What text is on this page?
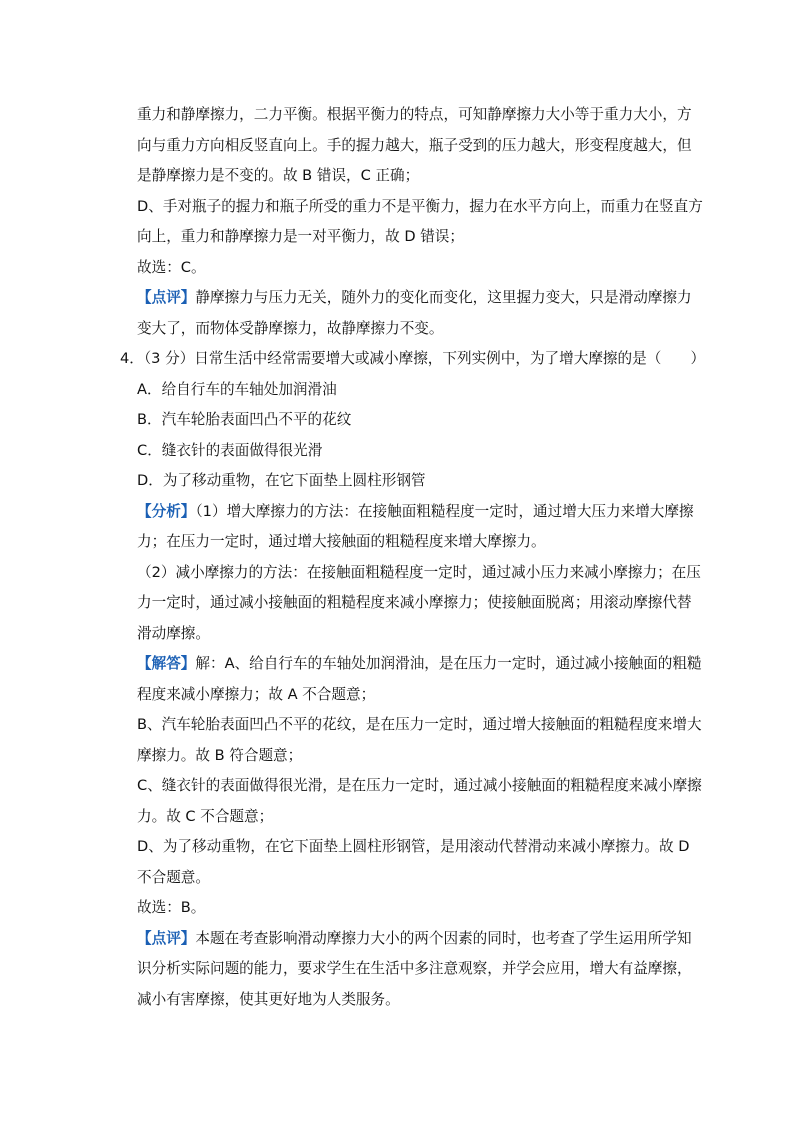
重力和静摩擦力，二力平衡。根据平衡力的特点，可知静摩擦力大小等于重力大小，方
向与重力方向相反竖直向上。手的握力越大，瓶子受到的压力越大，形变程度越大，但
是静摩擦力是不变的。故 B 错误，C 正确；
D、手对瓶子的握力和瓶子所受的重力不是平衡力，握力在水平方向上，而重力在竖直方
向上，重力和静摩擦力是一对平衡力，故 D 错误；
故选：C。
【点评】静摩擦力与压力无关，随外力的变化而变化，这里握力变大，只是滑动摩擦力
变大了，而物体受静摩擦力，故静摩擦力不变。
4．（3 分）日常生活中经常需要增大或减小摩擦，下列实例中，为了增大摩擦的是（　　）
A．给自行车的车轴处加润滑油
B．汽车轮胎表面凹凸不平的花纹
C．缝衣针的表面做得很光滑
D．为了移动重物，在它下面垫上圆柱形钢管
【分析】（1）增大摩擦力的方法：在接触面粗糙程度一定时，通过增大压力来增大摩擦
力；在压力一定时，通过增大接触面的粗糙程度来增大摩擦力。
（2）减小摩擦力的方法：在接触面粗糙程度一定时，通过减小压力来减小摩擦力；在压
力一定时，通过减小接触面的粗糙程度来减小摩擦力；使接触面脱离；用滚动摩擦代替
滑动摩擦。
【解答】解：A、给自行车的车轴处加润滑油，是在压力一定时，通过减小接触面的粗糙
程度来减小摩擦力；故 A 不合题意；
B、汽车轮胎表面凹凸不平的花纹，是在压力一定时，通过增大接触面的粗糙程度来增大
摩擦力。故 B 符合题意；
C、缝衣针的表面做得很光滑，是在压力一定时，通过减小接触面的粗糙程度来减小摩擦
力。故 C 不合题意；
D、为了移动重物，在它下面垫上圆柱形钢管，是用滚动代替滑动来减小摩擦力。故 D
不合题意。
故选：B。
【点评】本题在考查影响滑动摩擦力大小的两个因素的同时，也考查了学生运用所学知
识分析实际问题的能力，要求学生在生活中多注意观察，并学会应用，增大有益摩擦，
减小有害摩擦，使其更好地为人类服务。
